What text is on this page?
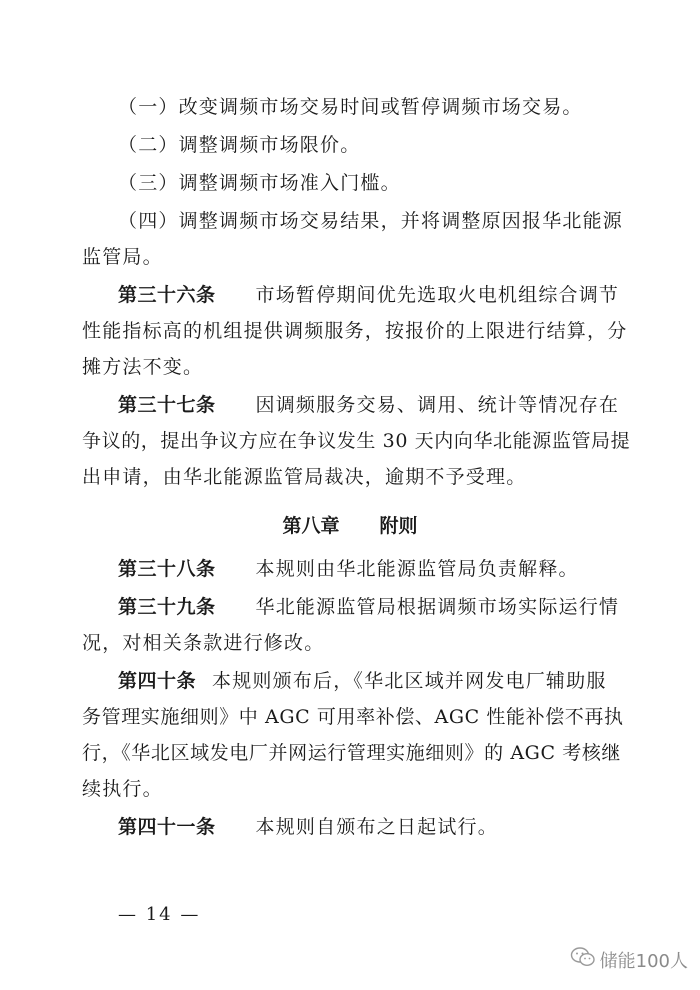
（一）改变调频市场交易时间或暂停调频市场交易。
（二）调整调频市场限价。
（三）调整调频市场准入门槛。
（四）调整调频市场交易结果，并将调整原因报华北能源
监管局。
第三十六条 市场暂停期间优先选取火电机组综合调节
性能指标高的机组提供调频服务，按报价的上限进行结算，分
摊方法不变。
第三十七条 因调频服务交易、调用、统计等情况存在
争议的，提出争议方应在争议发生 30 天内向华北能源监管局提
出申请，由华北能源监管局裁决，逾期不予受理。
第八章 附则
第三十八条 本规则由华北能源监管局负责解释。
第三十九条 华北能源监管局根据调频市场实际运行情
况，对相关条款进行修改。
第四十条 本规则颁布后，《华北区域并网发电厂辅助服
务管理实施细则》中 AGC 可用率补偿、AGC 性能补偿不再执
行，《华北区域发电厂并网运行管理实施细则》的 AGC 考核继
续执行。
第四十一条 本规则自颁布之日起试行。
— 14 —
储能100人
